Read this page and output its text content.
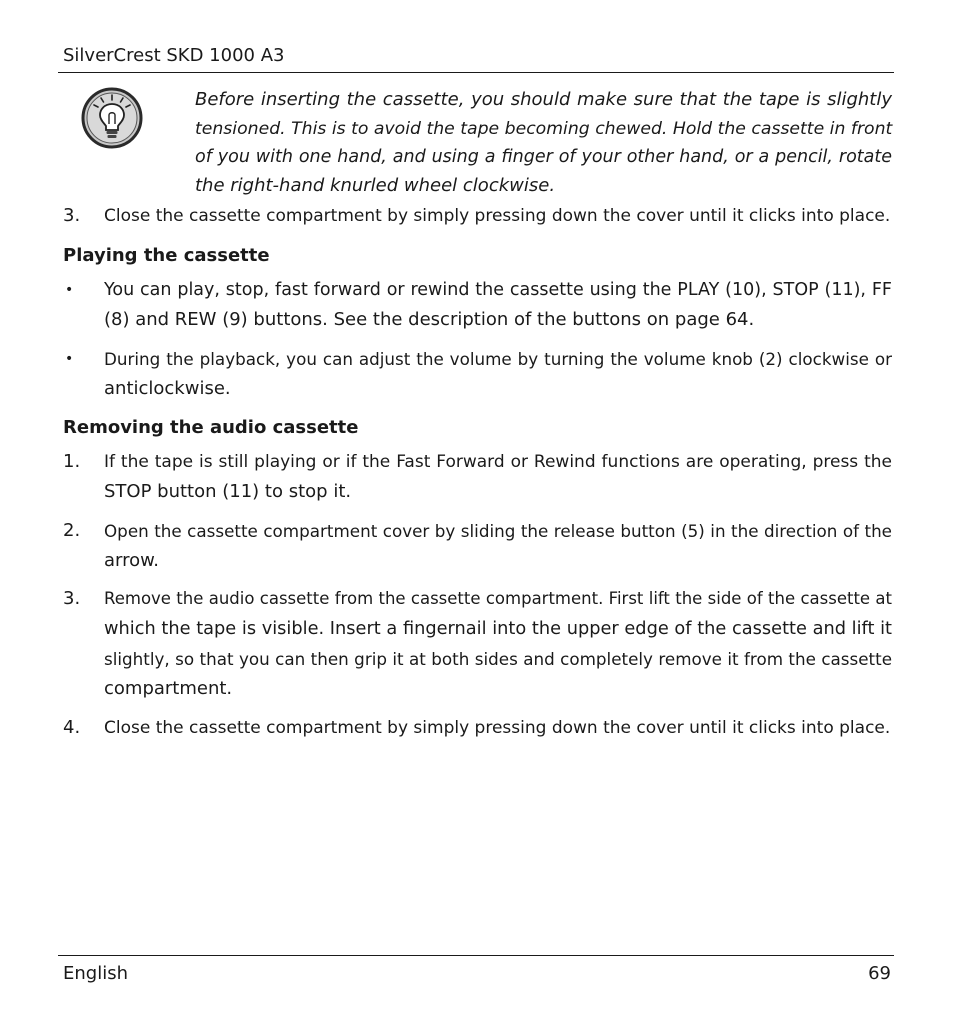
SilverCrest SKD 1000 A3
Before inserting the cassette, you should make sure that the tape is slightly
tensioned. This is to avoid the tape becoming chewed. Hold the cassette in front
of you with one hand, and using a finger of your other hand, or a pencil, rotate
the right-hand knurled wheel clockwise.
3.	Close the cassette compartment by simply pressing down the cover until it clicks into place.
Playing the cassette
•	You can play, stop, fast forward or rewind the cassette using the PLAY (10), STOP (11), FF
(8) and REW (9) buttons. See the description of the buttons on page 64.
•	During the playback, you can adjust the volume by turning the volume knob (2) clockwise or
anticlockwise.
Removing the audio cassette
1.	If the tape is still playing or if the Fast Forward or Rewind functions are operating, press the
STOP button (11) to stop it.
2.	Open the cassette compartment cover by sliding the release button (5) in the direction of the
arrow.
3.	Remove the audio cassette from the cassette compartment. First lift the side of the cassette at
which the tape is visible. Insert a fingernail into the upper edge of the cassette and lift it
slightly, so that you can then grip it at both sides and completely remove it from the cassette
compartment.
4.	Close the cassette compartment by simply pressing down the cover until it clicks into place.
English	69
